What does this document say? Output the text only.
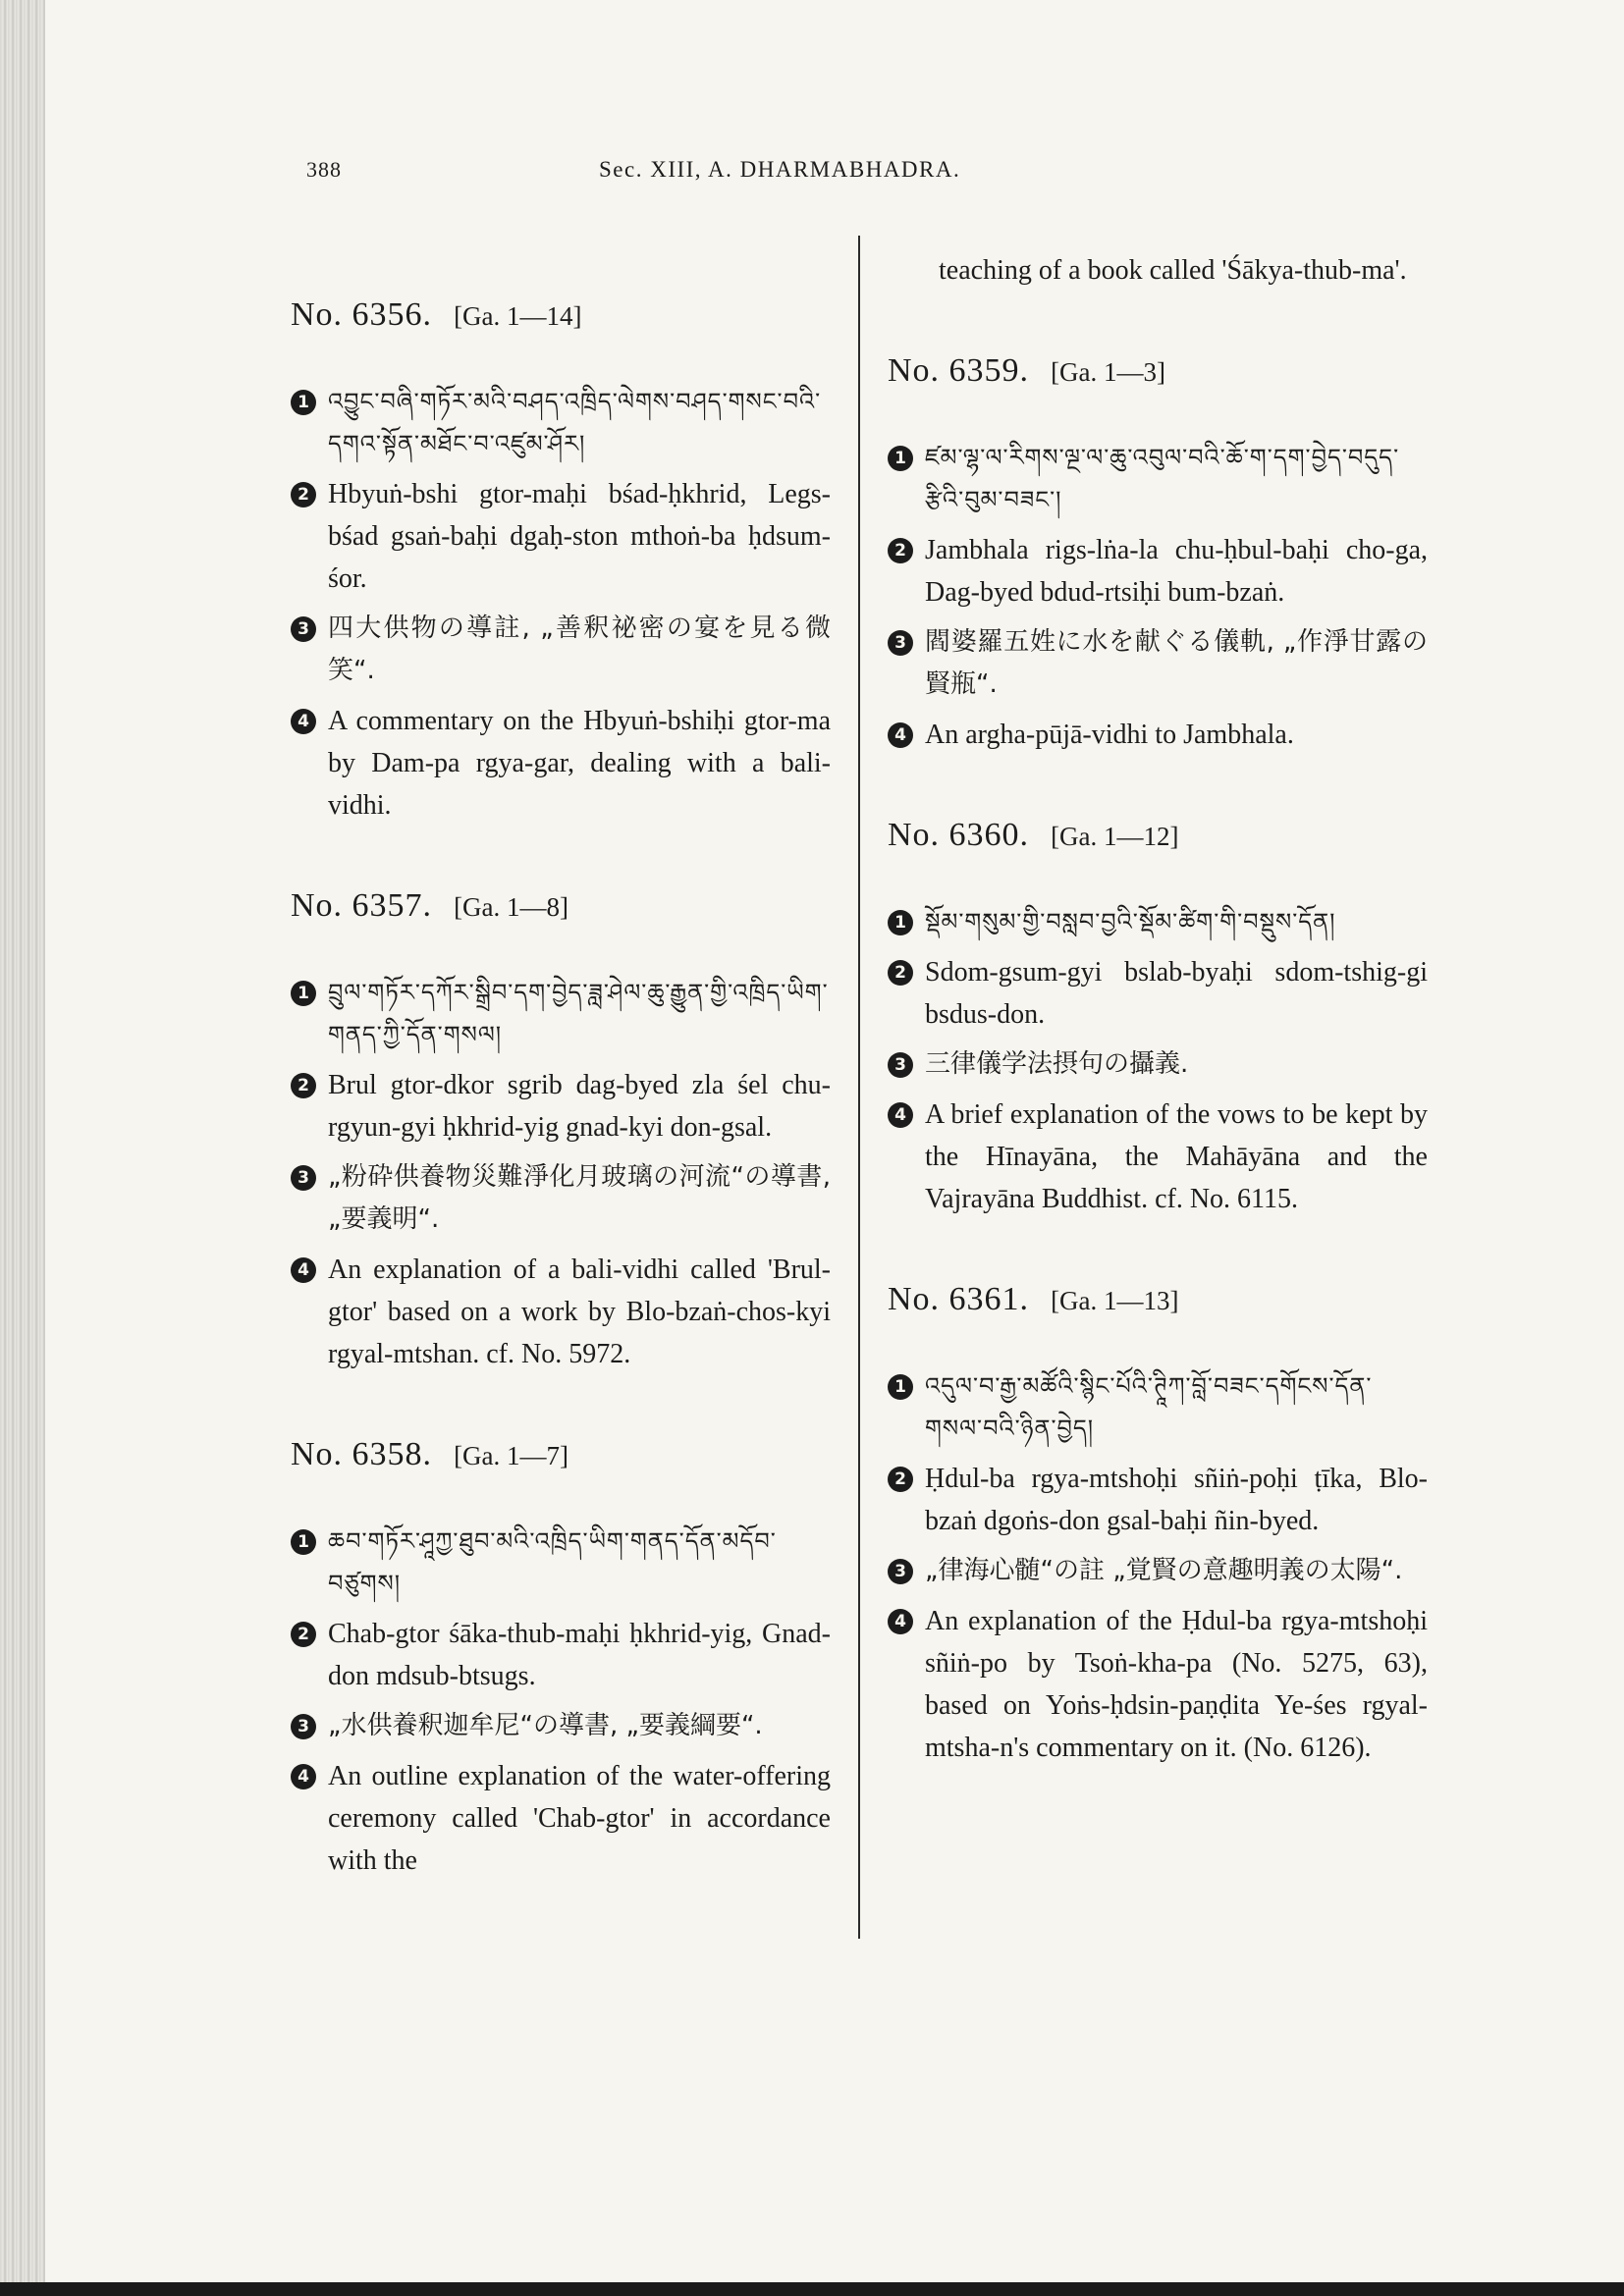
388	Sec. XIII, A. DHARMABHADRA.
No. 6356. [Ga. 1—14]
1 འབྱུང་བཞི་གཏོར་མའི་བཤད་འཁྲིད་ལེགས་བཤད་གསང་བའི་དགའ་སྟོན་མཐོང་བ་འཛུམ་ཤོར།
2 Hbyuṅ-bshi gtor-maḥi bśad-ḥkhrid, Legs-bśad gsaṅ-baḥi dgaḥ-ston mthoṅ-ba ḥdsum-śor.
3 四大供物の導註, „善釈祕密の宴を見る微笑“.
4 A commentary on the Hbyuṅ-bshiḥi gtor-ma by Dam-pa rgya-gar, dealing with a bali-vidhi.
No. 6357. [Ga. 1—8]
1 བྲུལ་གཏོར་དཀོར་སྒྲིབ་དག་བྱེད་ཟླ་ཤེལ་ཆུ་རྒྱུན་གྱི་འཁྲིད་ཡིག་གནད་ཀྱི་དོན་གསལ།
2 Brul gtor-dkor sgrib dag-byed zla śel chu-rgyun-gyi ḥkhrid-yig gnad-kyi don-gsal.
3 „粉砕供養物災難淨化月玻璃の河流“の導書, „要義明“.
4 An explanation of a bali-vidhi called 'Brul-gtor' based on a work by Blo-bzaṅ-chos-kyi rgyal-mtshan. cf. No. 5972.
No. 6358. [Ga. 1—7]
1 ཆབ་གཏོར་ཤཱཀྱ་ཐུབ་མའི་འཁྲིད་ཡིག་གནད་དོན་མདོབ་བཙུགས།
2 Chab-gtor śāka-thub-maḥi ḥkhrid-yig, Gnad-don mdsub-btsugs.
3 „水供養釈迦牟尼“の導書, „要義綱要“.
4 An outline explanation of the water-offering ceremony called 'Chab-gtor' in accordance with the
teaching of a book called 'Śākya-thub-ma'.
No. 6359. [Ga. 1—3]
1 ཛམ་ལྷ་ལ་རིགས་ལྔ་ལ་ཆུ་འབུལ་བའི་ཆོ་ག་དག་བྱེད་བདུད་རྩིའི་བུམ་བཟང་།
2 Jambhala rigs-lṅa-la chu-ḥbul-baḥi cho-ga, Dag-byed bdud-rtsiḥi bum-bzaṅ.
3 閻婆羅五姓に水を献ぐる儀軌, „作淨甘露の賢瓶“.
4 An argha-pūjā-vidhi to Jambhala.
No. 6360. [Ga. 1—12]
1 སྡོམ་གསུམ་གྱི་བསླབ་བྱའི་སྡོམ་ཚིག་གི་བསྡུས་དོན།
2 Sdom-gsum-gyi bslab-byaḥi sdom-tshig-gi bsdus-don.
3 三律儀学法摂句の攝義.
4 A brief explanation of the vows to be kept by the Hīnayāna, the Mahāyāna and the Vajrayāna Buddhist. cf. No. 6115.
No. 6361. [Ga. 1—13]
1 འདུལ་བ་རྒྱ་མཚོའི་སྙིང་པོའི་ཊཱིཀ་བློ་བཟང་དགོངས་དོན་གསལ་བའི་ཉིན་བྱེད།
2 Ḥdul-ba rgya-mtshoḥi sñiṅ-poḥi ṭīka, Blo-bzaṅ dgoṅs-don gsal-baḥi ñin-byed.
3 „律海心髄“の註 „覚賢の意趣明義の太陽“.
4 An explanation of the Ḥdul-ba rgya-mtshoḥi sñiṅ-po by Tsoṅ-kha-pa (No. 5275, 63), based on Yoṅs-ḥdsin-paṇḍita Ye-śes rgyal-mtsha-n's commentary on it. (No. 6126).
